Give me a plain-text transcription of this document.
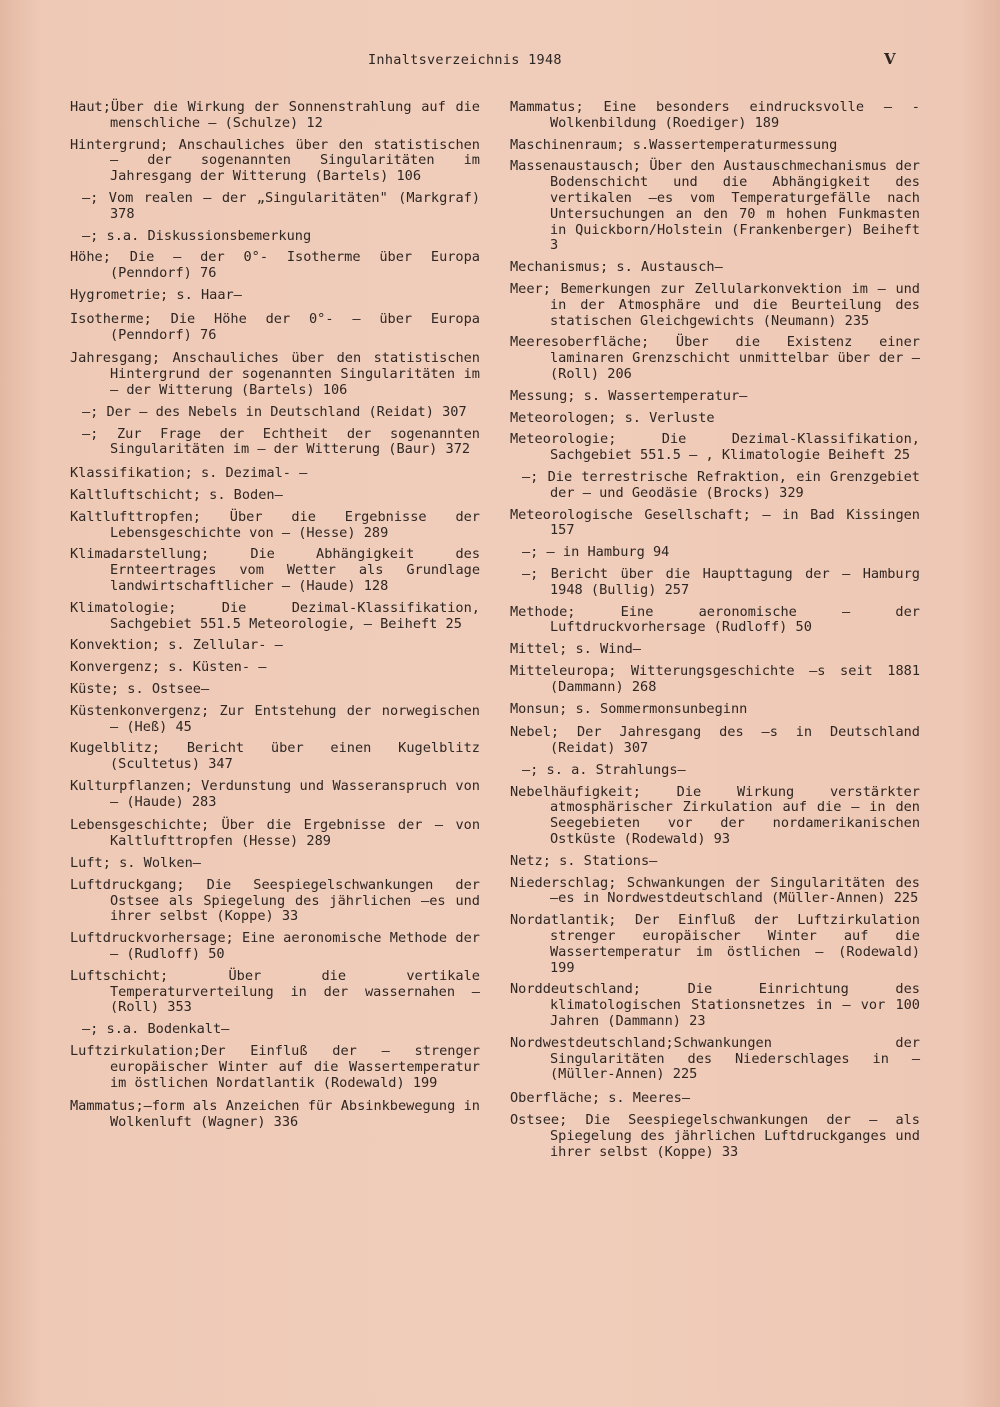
Inhaltsverzeichnis 1948	V
Haut;Über die Wirkung der Sonnenstrahlung auf die menschliche — (Schulze) 12
Hintergrund; Anschauliches über den statistischen — der sogenannten Singularitäten im Jahresgang der Witterung (Bartels) 106
—; Vom realen — der „Singularitäten" (Markgraf) 378
—; s.a. Diskussionsbemerkung
Höhe; Die — der 0°- Isotherme über Europa (Penndorf) 76
Hygrometrie; s. Haar—
Isotherme; Die Höhe der 0°- — über Europa (Penndorf) 76
Jahresgang; Anschauliches über den statistischen Hintergrund der sogenannten Singularitäten im — der Witterung (Bartels) 106
—; Der — des Nebels in Deutschland (Reidat) 307
—; Zur Frage der Echtheit der sogenannten Singularitäten im — der Witterung (Baur) 372
Klassifikation; s. Dezimal- —
Kaltluftschicht; s. Boden—
Kaltlufttropfen; Über die Ergebnisse der Lebensgeschichte von — (Hesse) 289
Klimadarstellung; Die Abhängigkeit des Ernteertrages vom Wetter als Grundlage landwirtschaftlicher — (Haude) 128
Klimatologie; Die Dezimal-Klassifikation, Sachgebiet 551.5 Meteorologie, — Beiheft 25
Konvektion; s. Zellular- —
Konvergenz; s. Küsten- —
Küste; s. Ostsee—
Küstenkonvergenz; Zur Entstehung der norwegischen — (Heß) 45
Kugelblitz; Bericht über einen Kugelblitz (Scultetus) 347
Kulturpflanzen; Verdunstung und Wasseranspruch von — (Haude) 283
Lebensgeschichte; Über die Ergebnisse der — von Kaltlufttropfen (Hesse) 289
Luft; s. Wolken—
Luftdruckgang; Die Seespiegelschwankungen der Ostsee als Spiegelung des jährlichen —es und ihrer selbst (Koppe) 33
Luftdruckvorhersage; Eine aeronomische Methode der — (Rudloff) 50
Luftschicht; Über die vertikale Temperaturverteilung in der wassernahen — (Roll) 353
—; s.a. Bodenkalt—
Luftzirkulation;Der Einfluß der — strenger europäischer Winter auf die Wassertemperatur im östlichen Nordatlantik (Rodewald) 199
Mammatus;—form als Anzeichen für Absinkbewegung in Wolkenluft (Wagner) 336
Mammatus; Eine besonders eindrucksvolle — - Wolkenbildung (Roediger) 189
Maschinenraum; s.Wassertemperaturmessung
Massenaustausch; Über den Austauschmechanismus der Bodenschicht und die Abhängigkeit des vertikalen —es vom Temperaturgefälle nach Untersuchungen an den 70 m hohen Funkmasten in Quickborn/Holstein (Frankenberger) Beiheft 3
Mechanismus; s. Austausch—
Meer; Bemerkungen zur Zellularkonvektion im — und in der Atmosphäre und die Beurteilung des statischen Gleichgewichts (Neumann) 235
Meeresoberfläche; Über die Existenz einer laminaren Grenzschicht unmittelbar über der — (Roll) 206
Messung; s. Wassertemperatur—
Meteorologen; s. Verluste
Meteorologie; Die Dezimal-Klassifikation, Sachgebiet 551.5 — , Klimatologie Beiheft 25
—; Die terrestrische Refraktion, ein Grenzgebiet der — und Geodäsie (Brocks) 329
Meteorologische Gesellschaft; — in Bad Kissingen 157
—; — in Hamburg 94
—; Bericht über die Haupttagung der — Hamburg 1948 (Bullig) 257
Methode; Eine aeronomische — der Luftdruckvorhersage (Rudloff) 50
Mittel; s. Wind—
Mitteleuropa; Witterungsgeschichte —s seit 1881 (Dammann) 268
Monsun; s. Sommermonsunbeginn
Nebel; Der Jahresgang des —s in Deutschland (Reidat) 307
—; s. a. Strahlungs—
Nebelhäufigkeit; Die Wirkung verstärkter atmosphärischer Zirkulation auf die — in den Seegebieten vor der nordamerikanischen Ostküste (Rodewald) 93
Netz; s. Stations—
Niederschlag; Schwankungen der Singularitäten des —es in Nordwestdeutschland (Müller-Annen) 225
Nordatlantik; Der Einfluß der Luftzirkulation strenger europäischer Winter auf die Wassertemperatur im östlichen — (Rodewald) 199
Norddeutschland; Die Einrichtung des klimatologischen Stationsnetzes in — vor 100 Jahren (Dammann) 23
Nordwestdeutschland;Schwankungen der Singularitäten des Niederschlages in — (Müller-Annen) 225
Oberfläche; s. Meeres—
Ostsee; Die Seespiegelschwankungen der — als Spiegelung des jährlichen Luftdruckganges und ihrer selbst (Koppe) 33
